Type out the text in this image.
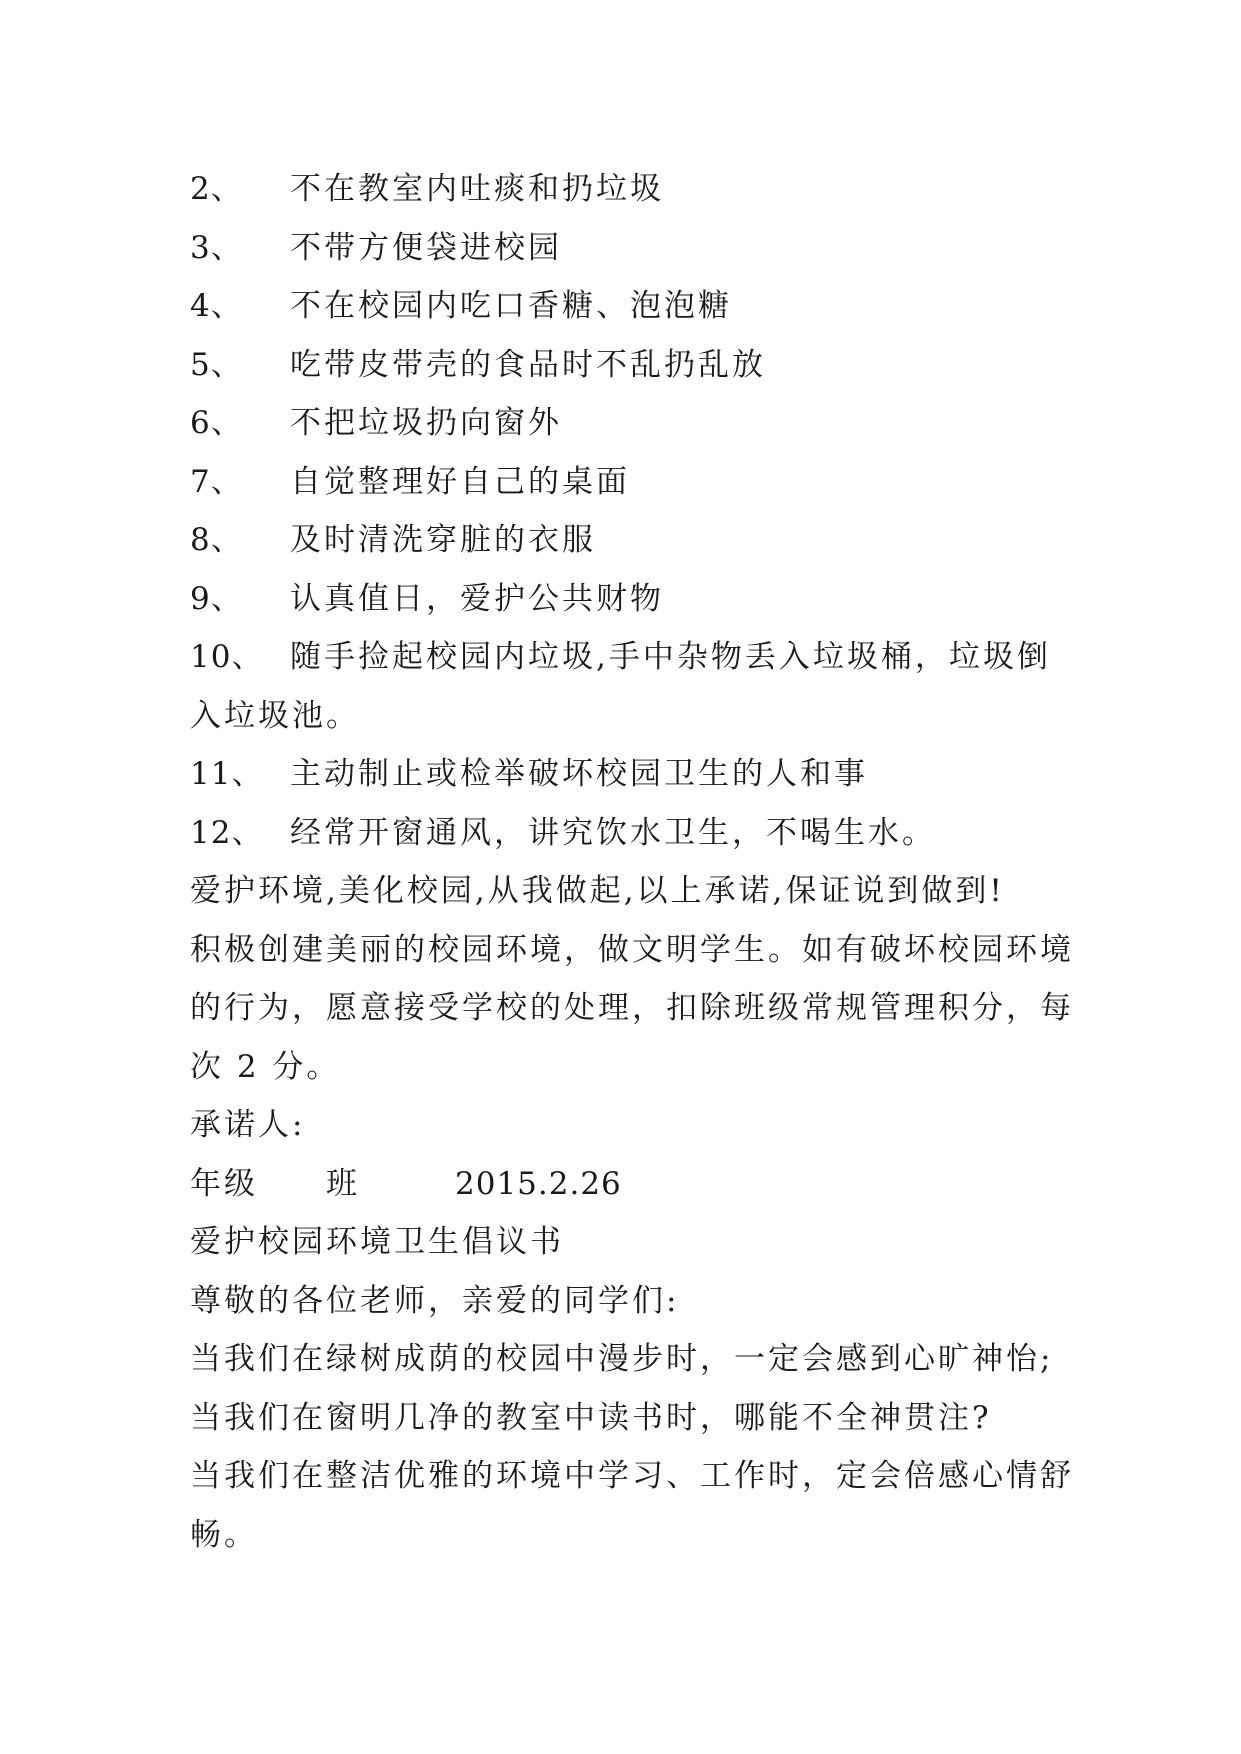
2、	不在教室内吐痰和扔垃圾
3、	不带方便袋进校园
4、	不在校园内吃口香糖、泡泡糖
5、	吃带皮带壳的食品时不乱扔乱放
6、	不把垃圾扔向窗外
7、	自觉整理好自己的桌面
8、	及时清洗穿脏的衣服
9、	认真值日，爱护公共财物
10、 随手捡起校园内垃圾,手中杂物丢入垃圾桶，垃圾倒
入垃圾池。
11、 主动制止或检举破坏校园卫生的人和事
12、 经常开窗通风，讲究饮水卫生，不喝生水。
爱护环境,美化校园,从我做起,以上承诺,保证说到做到!
积极创建美丽的校园环境，做文明学生。如有破坏校园环境
的行为，愿意接受学校的处理，扣除班级常规管理积分，每
次 2 分。
承诺人:
年级 班	2015.2.26
爱护校园环境卫生倡议书
尊敬的各位老师，亲爱的同学们:
当我们在绿树成荫的校园中漫步时，一定会感到心旷神怡;
当我们在窗明几净的教室中读书时，哪能不全神贯注?
当我们在整洁优雅的环境中学习、工作时，定会倍感心情舒
畅。
